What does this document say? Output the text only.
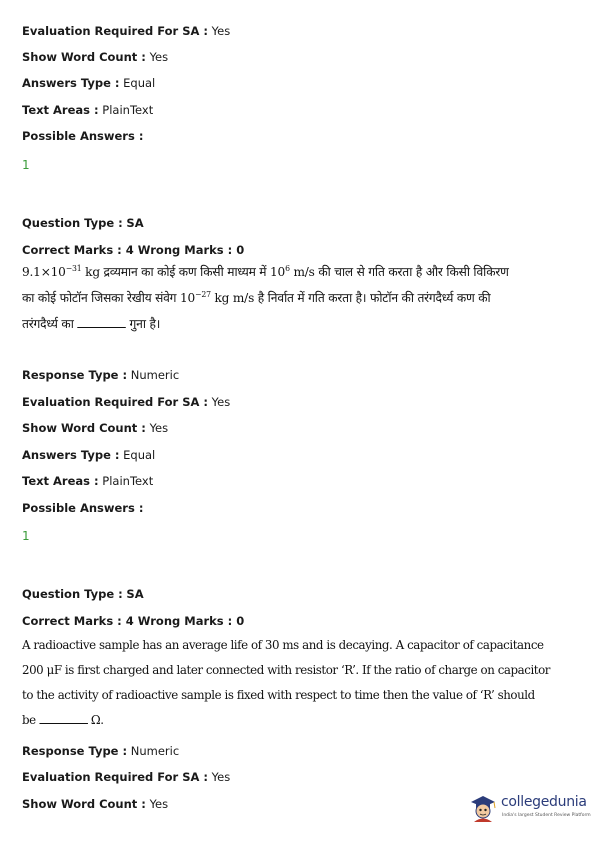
Evaluation Required For SA : Yes
Show Word Count : Yes
Answers Type : Equal
Text Areas : PlainText
Possible Answers :
1
Question Type : SA
Correct Marks : 4 Wrong Marks : 0
$9.1\times 10^{-31}$ kg द्रव्यमान का कोई कण किसी माध्यम में $10^6$ m/s की चाल से गति करता है और किसी विकिरण
का कोई फोटॉन जिसका रेखीय संवेग $10^{-27}$ kg m/s है निर्वात में गति करता है। फोटॉन की तरंगदैर्ध्य कण की
तरंगदैर्ध्य का	गुना है।
Response Type : Numeric
Evaluation Required For SA : Yes
Show Word Count : Yes
Answers Type : Equal
Text Areas : PlainText
Possible Answers :
1
Question Type : SA
Correct Marks : 4 Wrong Marks : 0
A radioactive sample has an average life of 30 ms and is decaying. A capacitor of capacitance
200 μF is first charged and later connected with resistor ‘R’. If the ratio of charge on capacitor
to the activity of radioactive sample is fixed with respect to time then the value of ‘R’ should
be	Ω.
Response Type : Numeric
Evaluation Required For SA : Yes
Show Word Count : Yes	collegedunia
India's largest Student Review Platform
